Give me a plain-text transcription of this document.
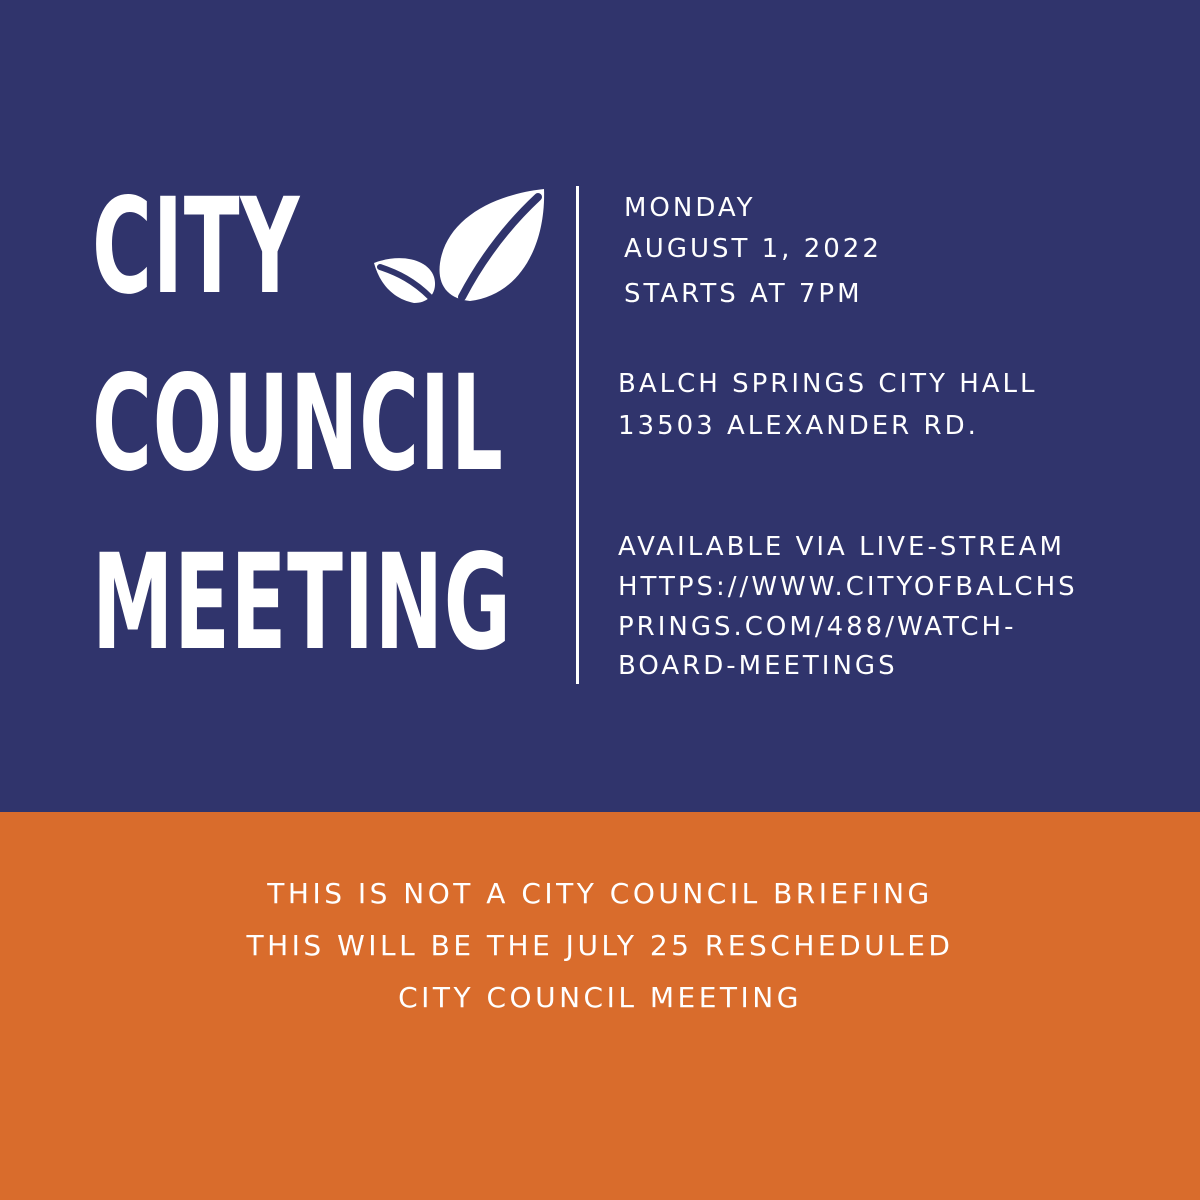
CITY
COUNCIL
MEETING
MONDAY
AUGUST 1, 2022
STARTS AT 7PM
BALCH SPRINGS CITY HALL
13503 ALEXANDER RD.
AVAILABLE VIA LIVE-STREAM
HTTPS://WWW.CITYOFBALCHS
PRINGS.COM/488/WATCH-
BOARD-MEETINGS
THIS IS NOT A CITY COUNCIL BRIEFING
THIS WILL BE THE JULY 25 RESCHEDULED
CITY COUNCIL MEETING
